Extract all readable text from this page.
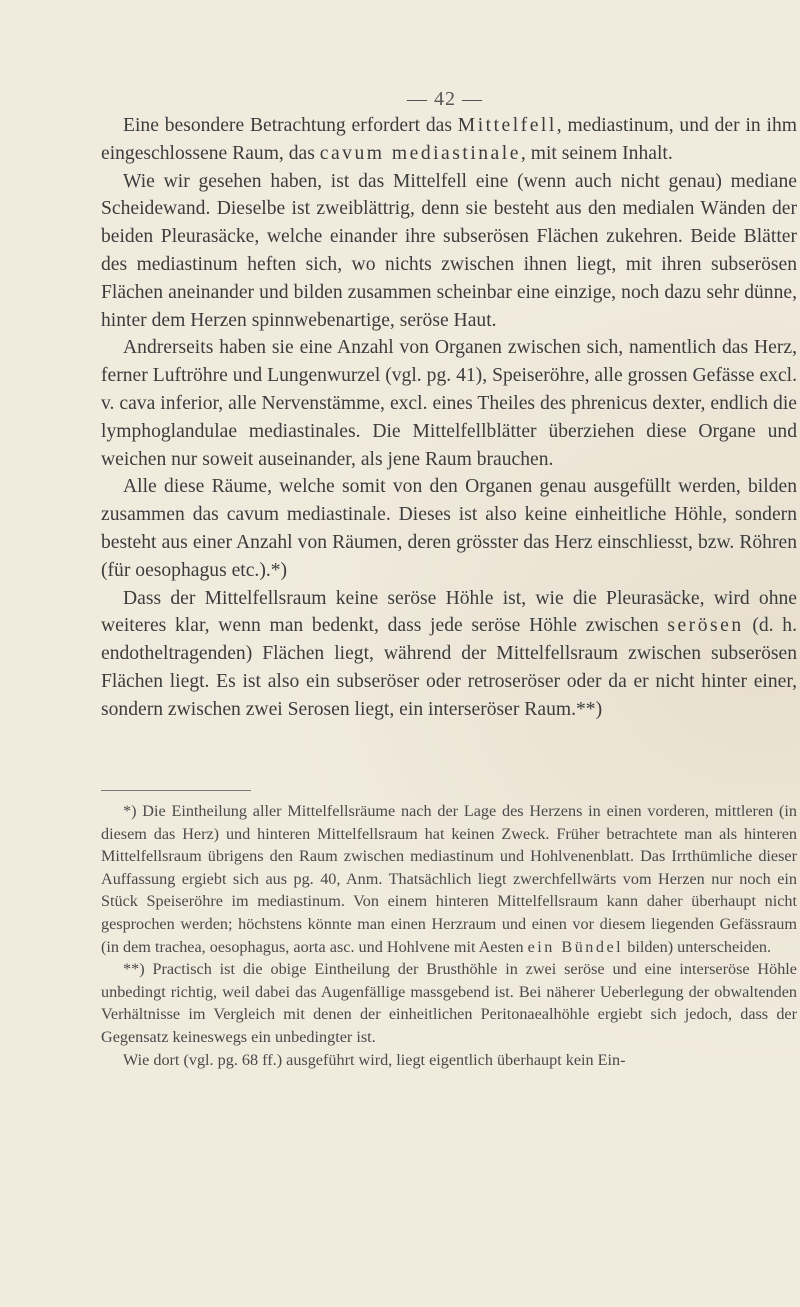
— 42 —

Eine besondere Betrachtung erfordert das Mittelfell, mediastinum, und der in ihm eingeschlossene Raum, das cavum mediastinale, mit seinem Inhalt.

Wie wir gesehen haben, ist das Mittelfell eine (wenn auch nicht genau) mediane Scheidewand. Dieselbe ist zweiblättrig, denn sie besteht aus den medialen Wänden der beiden Pleurasäcke, welche einander ihre subserösen Flächen zukehren. Beide Blätter des mediastinum heften sich, wo nichts zwischen ihnen liegt, mit ihren subserösen Flächen aneinander und bilden zusammen scheinbar eine einzige, noch dazu sehr dünne, hinter dem Herzen spinnwebenartige, seröse Haut.

Andrerseits haben sie eine Anzahl von Organen zwischen sich, namentlich das Herz, ferner Luftröhre und Lungenwurzel (vgl. pg. 41), Speiseröhre, alle grossen Gefässe excl. v. cava inferior, alle Nervenstämme, excl. eines Theiles des phrenicus dexter, endlich die lymphoglandulae mediastinales. Die Mittelfellblätter überziehen diese Organe und weichen nur soweit auseinander, als jene Raum brauchen.

Alle diese Räume, welche somit von den Organen genau ausgefüllt werden, bilden zusammen das cavum mediastinale. Dieses ist also keine einheitliche Höhle, sondern besteht aus einer Anzahl von Räumen, deren grösster das Herz einschliesst, bzw. Röhren (für oesophagus etc.).*)

Dass der Mittelfellsraum keine seröse Höhle ist, wie die Pleurasäcke, wird ohne weiteres klar, wenn man bedenkt, dass jede seröse Höhle zwischen serösen (d. h. endotheltragenden) Flächen liegt, während der Mittelfellsraum zwischen subserösen Flächen liegt. Es ist also ein subseröser oder retroseröser oder da er nicht hinter einer, sondern zwischen zwei Serosen liegt, ein interseröser Raum.**)

*) Die Eintheilung aller Mittelfellsräume nach der Lage des Herzens in einen vorderen, mittleren (in diesem das Herz) und hinteren Mittelfellsraum hat keinen Zweck. Früher betrachtete man als hinteren Mittelfellsraum übrigens den Raum zwischen mediastinum und Hohlvenenblatt. Das Irrthümliche dieser Auffassung ergiebt sich aus pg. 40, Anm. Thatsächlich liegt zwerchfellwärts vom Herzen nur noch ein Stück Speiseröhre im mediastinum. Von einem hinteren Mittelfellsraum kann daher überhaupt nicht gesprochen werden; höchstens könnte man einen Herzraum und einen vor diesem liegenden Gefässraum (in dem trachea, oesophagus, aorta asc. und Hohlvene mit Aesten ein Bündel bilden) unterscheiden.

**) Practisch ist die obige Eintheilung der Brusthöhle in zwei seröse und eine interseröse Höhle unbedingt richtig, weil dabei das Augenfällige massgebend ist. Bei näherer Ueberlegung der obwaltenden Verhältnisse im Vergleich mit denen der einheitlichen Peritonaealhöhle ergiebt sich jedoch, dass der Gegensatz keineswegs ein unbedingter ist.

Wie dort (vgl. pg. 68 ff.) ausgeführt wird, liegt eigentlich überhaupt kein Ein-
